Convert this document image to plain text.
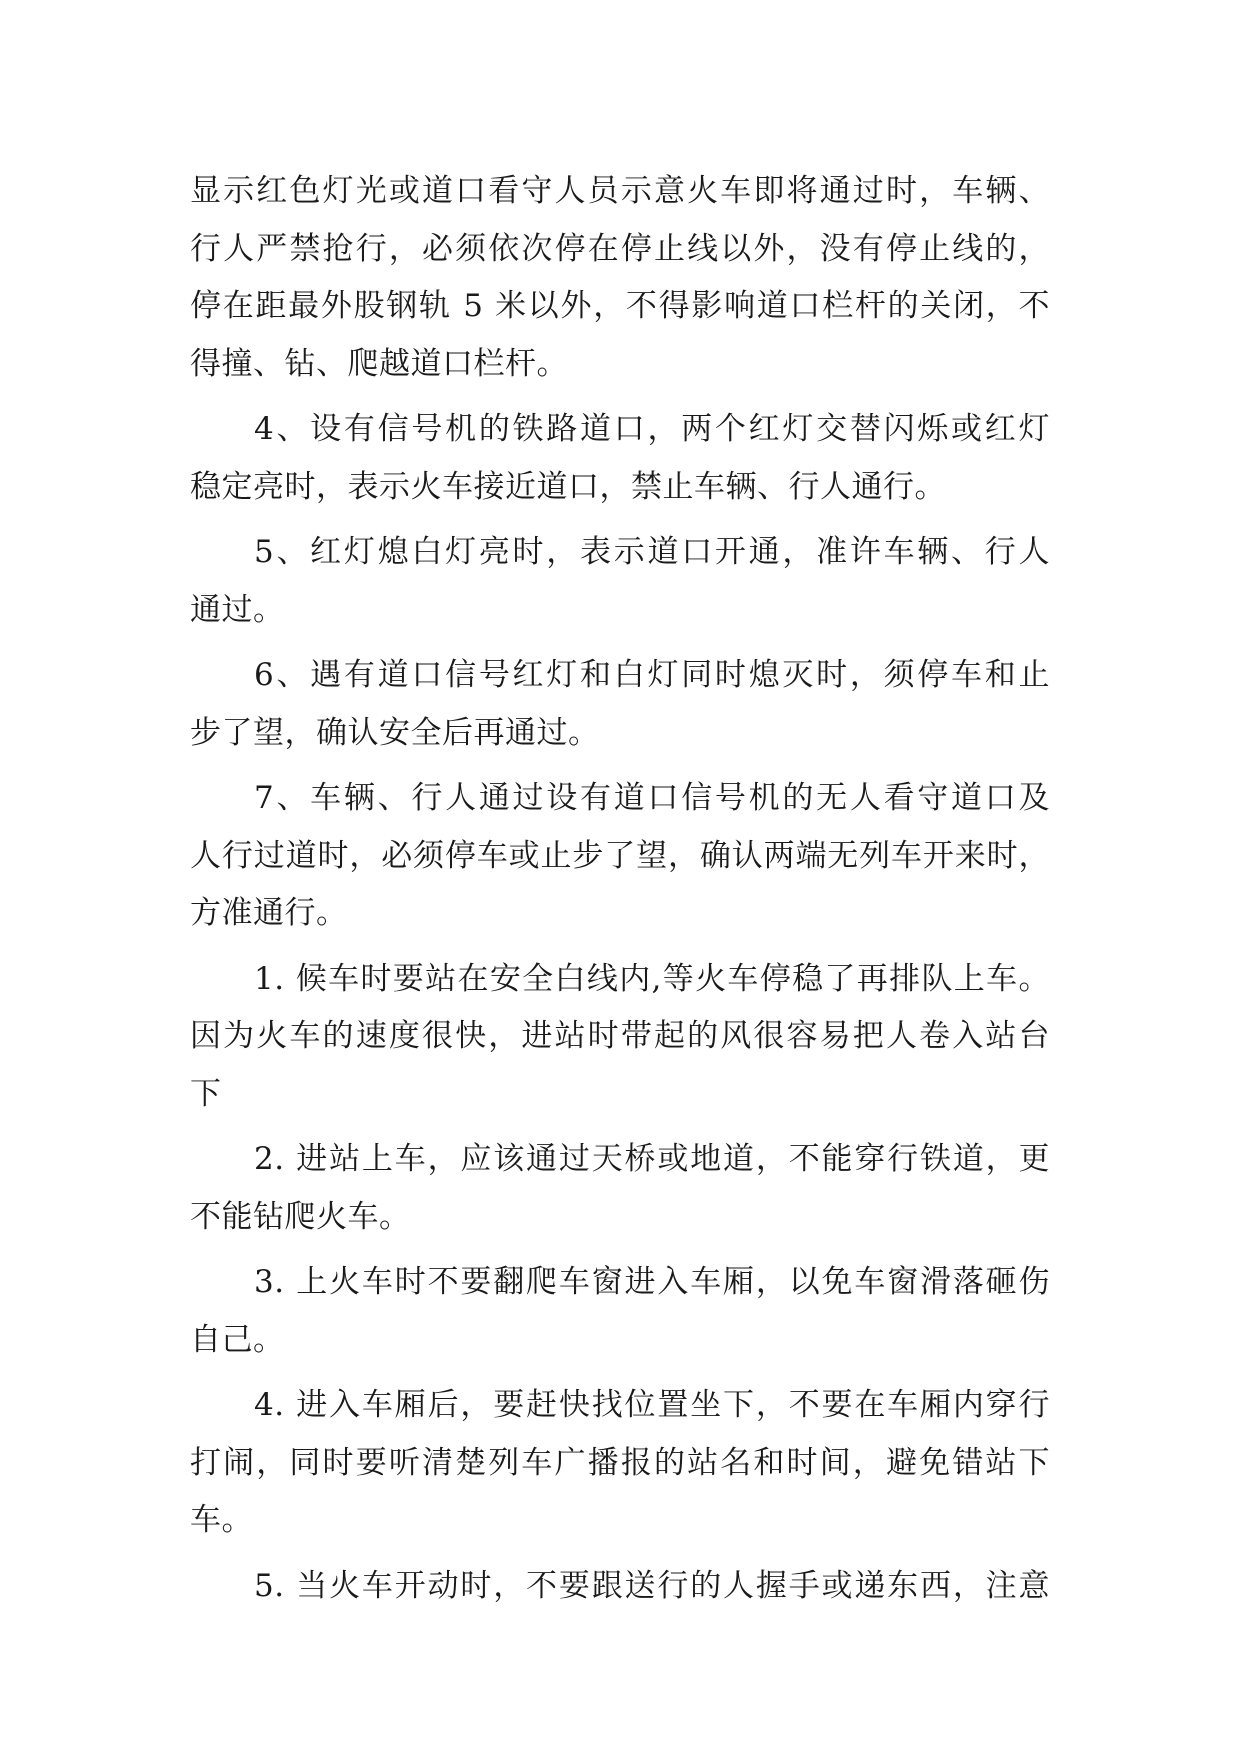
显示红色灯光或道口看守人员示意火车即将通过时，车辆、
行人严禁抢行，必须依次停在停止线以外，没有停止线的，
停在距最外股钢轨 5 米以外，不得影响道口栏杆的关闭，不
得撞、钻、爬越道口栏杆。
4、设有信号机的铁路道口，两个红灯交替闪烁或红灯
稳定亮时，表示火车接近道口，禁止车辆、行人通行。
5、红灯熄白灯亮时，表示道口开通，准许车辆、行人
通过。
6、遇有道口信号红灯和白灯同时熄灭时，须停车和止
步了望，确认安全后再通过。
7、车辆、行人通过设有道口信号机的无人看守道口及
人行过道时，必须停车或止步了望，确认两端无列车开来时，
方准通行。
1. 候车时要站在安全白线内,等火车停稳了再排队上车。
因为火车的速度很快，进站时带起的风很容易把人卷入站台
下
2. 进站上车，应该通过天桥或地道，不能穿行铁道，更
不能钻爬火车。
3. 上火车时不要翻爬车窗进入车厢，以免车窗滑落砸伤
自己。
4. 进入车厢后，要赶快找位置坐下，不要在车厢内穿行
打闹，同时要听清楚列车广播报的站名和时间，避免错站下
车。
5. 当火车开动时，不要跟送行的人握手或递东西，注意
